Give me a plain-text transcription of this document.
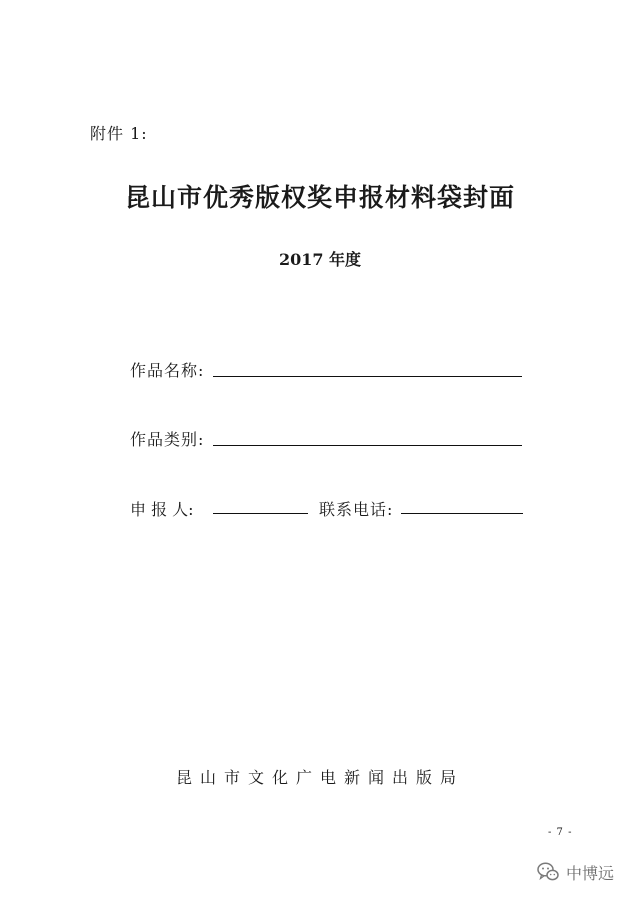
附件 1:
昆山市优秀版权奖申报材料袋封面
2017 年度
作品名称:
作品类别:
申 报 人:	联系电话:
昆山市文化广电新闻出版局
- 7 -
中博远
